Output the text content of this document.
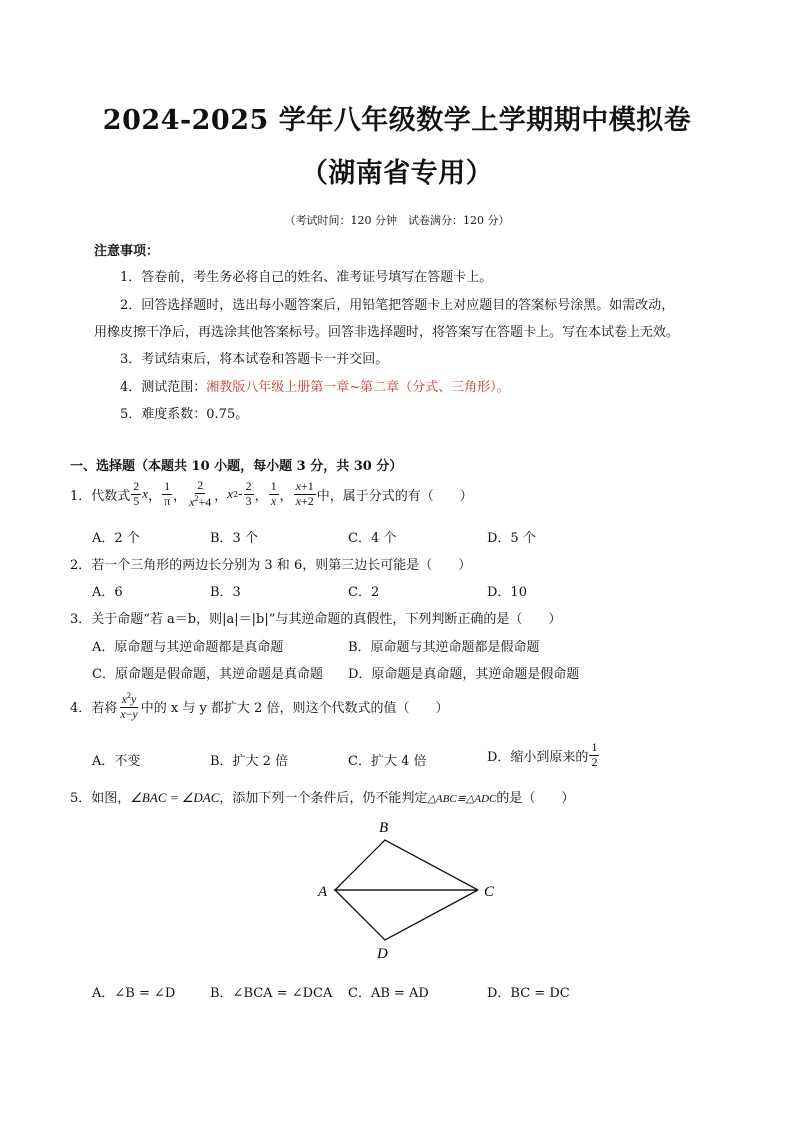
2024-2025 学年八年级数学上学期期中模拟卷
（湖南省专用）
（考试时间：120 分钟　试卷满分：120 分）
注意事项：
1．答卷前，考生务必将自己的姓名、准考证号填写在答题卡上。
2．回答选择题时，选出每小题答案后，用铅笔把答题卡上对应题目的答案标号涂黑。如需改动，
用橡皮擦干净后，再选涂其他答案标号。回答非选择题时，将答案写在答题卡上。写在本试卷上无效。
3．考试结束后，将本试卷和答题卡一并交回。
4．测试范围：湘教版八年级上册第一章~第二章（分式、三角形）。
5．难度系数：0.75。
一、选择题（本题共 10 小题，每小题 3 分，共 30 分）
1．代数式 $\frac{2}{5}$ x ， $\frac{1}{\pi}$ ， $\frac{2}{x^2+4}$ ， x $2 - \frac{2}{3}$ ， $\frac{1}{x}$ ， $\frac{x+1}{x+2}$ 中，属于分式的有（　　）
A．2 个	B．3 个	C．4 个	D．5 个
2．若一个三角形的两边长分别为 3 和 6，则第三边长可能是（　　）
A．6	B．3	C．2	D．10
3．关于命题“若 a＝b，则|a|＝|b|”与其逆命题的真假性，下列判断正确的是（　　）
A．原命题与其逆命题都是真命题	B．原命题与其逆命题都是假命题
C．原命题是假命题，其逆命题是真命题 D．原命题是真命题，其逆命题是假命题
4．若将 $\frac{x^2y}{x-y}$ 中的 x 与 y 都扩大 2 倍，则这个代数式的值（　　）
A．不变	B．扩大 2 倍	C．扩大 4 倍	D．缩小到原来的 $\frac{1}{2}$
5．如图，∠BAC = ∠DAC，添加下列一个条件后，仍不能判定△ABC≌△ADC的是（　　）
B
A	C
D
A．∠B = ∠D	B．∠BCA = ∠DCA C．AB = AD	D．BC = DC
